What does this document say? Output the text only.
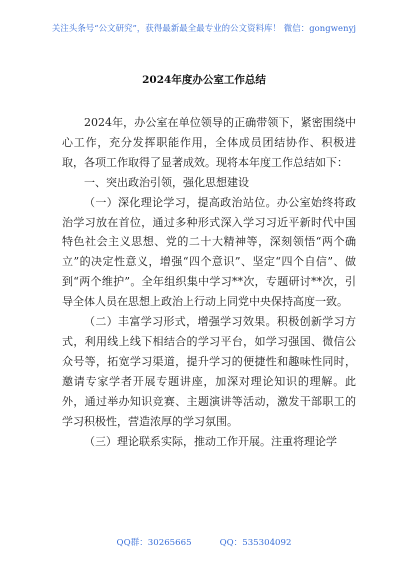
关注头条号“公文研究”，获得最新最全最专业的公文资料库！ 微信：gongwenyj
2024年度办公室工作总结

2024年，办公室在单位领导的正确带领下，紧密围绕中心工作，充分发挥职能作用，全体成员团结协作、积极进取，各项工作取得了显著成效。现将本年度工作总结如下：

一、突出政治引领，强化思想建设

（一）深化理论学习，提高政治站位。办公室始终将政治学习放在首位，通过多种形式深入学习习近平新时代中国特色社会主义思想、党的二十大精神等，深刻领悟“两个确立”的决定性意义，增强“四个意识”、坚定“四个自信”、做到“两个维护”。全年组织集中学习**次，专题研讨**次，引导全体人员在思想上政治上行动上同党中央保持高度一致。

（二）丰富学习形式，增强学习效果。积极创新学习方式，利用线上线下相结合的学习平台，如学习强国、微信公众号等，拓宽学习渠道，提升学习的便捷性和趣味性同时，邀请专家学者开展专题讲座，加深对理论知识的理解。此外，通过举办知识竞赛、主题演讲等活动，激发干部职工的学习积极性，营造浓厚的学习氛围。

（三）理论联系实际，推动工作开展。注重将理论学

QQ群：30265665	QQ：535304092
